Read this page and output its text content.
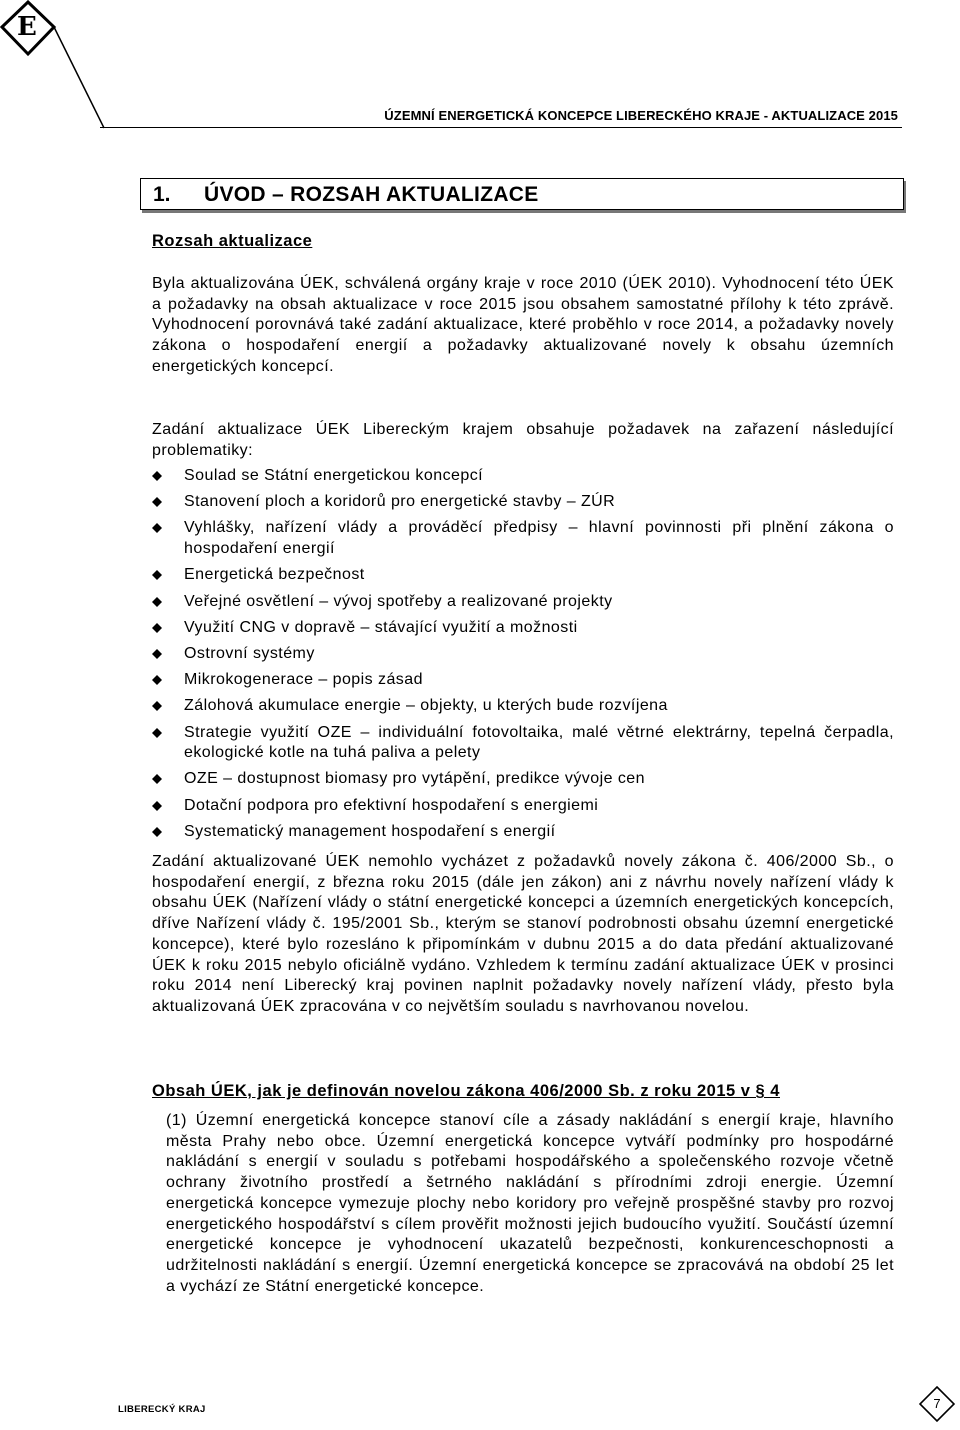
E
ÚZEMNÍ ENERGETICKÁ KONCEPCE LIBERECKÉHO KRAJE - AKTUALIZACE 2015
1. ÚVOD – ROZSAH AKTUALIZACE
Rozsah aktualizace
Byla aktualizována ÚEK, schválená orgány kraje v roce 2010 (ÚEK 2010). Vyhodnocení této ÚEK a požadavky na obsah aktualizace v roce 2015 jsou obsahem samostatné přílohy k této zprávě. Vyhodnocení porovnává také zadání aktualizace, které proběhlo v roce 2014, a požadavky novely zákona o hospodaření energií a požadavky aktualizované novely k obsahu územních energetických koncepcí.
Zadání aktualizace ÚEK Libereckým krajem obsahuje požadavek na zařazení následující problematiky:
Soulad se Státní energetickou koncepcí
Stanovení ploch a koridorů pro energetické stavby – ZÚR
Vyhlášky, nařízení vlády a prováděcí předpisy – hlavní povinnosti při plnění zákona o hospodaření energií
Energetická bezpečnost
Veřejné osvětlení – vývoj spotřeby a realizované projekty
Využití CNG v dopravě – stávající využití a možnosti
Ostrovní systémy
Mikrokogenerace – popis zásad
Zálohová akumulace energie – objekty, u kterých bude rozvíjena
Strategie využití OZE – individuální fotovoltaika, malé větrné elektrárny, tepelná čerpadla, ekologické kotle na tuhá paliva a pelety
OZE – dostupnost biomasy pro vytápění, predikce vývoje cen
Dotační podpora pro efektivní hospodaření s energiemi
Systematický management hospodaření s energií
Zadání aktualizované ÚEK nemohlo vycházet z požadavků novely zákona č. 406/2000 Sb., o hospodaření energií, z března roku 2015 (dále jen zákon) ani z návrhu novely nařízení vlády k obsahu ÚEK (Nařízení vlády o státní energetické koncepci a územních energetických koncepcích, dříve Nařízení vlády č. 195/2001 Sb., kterým se stanoví podrobnosti obsahu územní energetické koncepce), které bylo rozesláno k připomínkám v dubnu 2015 a do data předání aktualizované ÚEK k roku 2015 nebylo oficiálně vydáno. Vzhledem k termínu zadání aktualizace ÚEK v prosinci roku 2014 není Liberecký kraj povinen naplnit požadavky novely nařízení vlády, přesto byla aktualizovaná ÚEK zpracována v co největším souladu s navrhovanou novelou.
Obsah ÚEK, jak je definován novelou zákona 406/2000 Sb. z roku 2015 v § 4
(1) Územní energetická koncepce stanoví cíle a zásady nakládání s energií kraje, hlavního města Prahy nebo obce. Územní energetická koncepce vytváří podmínky pro hospodárné nakládání s energií v souladu s potřebami hospodářského a společenského rozvoje včetně ochrany životního prostředí a šetrného nakládání s přírodními zdroji energie. Územní energetická koncepce vymezuje plochy nebo koridory pro veřejně prospěšné stavby pro rozvoj energetického hospodářství s cílem prověřit možnosti jejich budoucího využití. Součástí územní energetické koncepce je vyhodnocení ukazatelů bezpečnosti, konkurenceschopnosti a udržitelnosti nakládání s energií. Územní energetická koncepce se zpracovává na období 25 let a vychází ze Státní energetické koncepce.
LIBERECKÝ KRAJ	7
